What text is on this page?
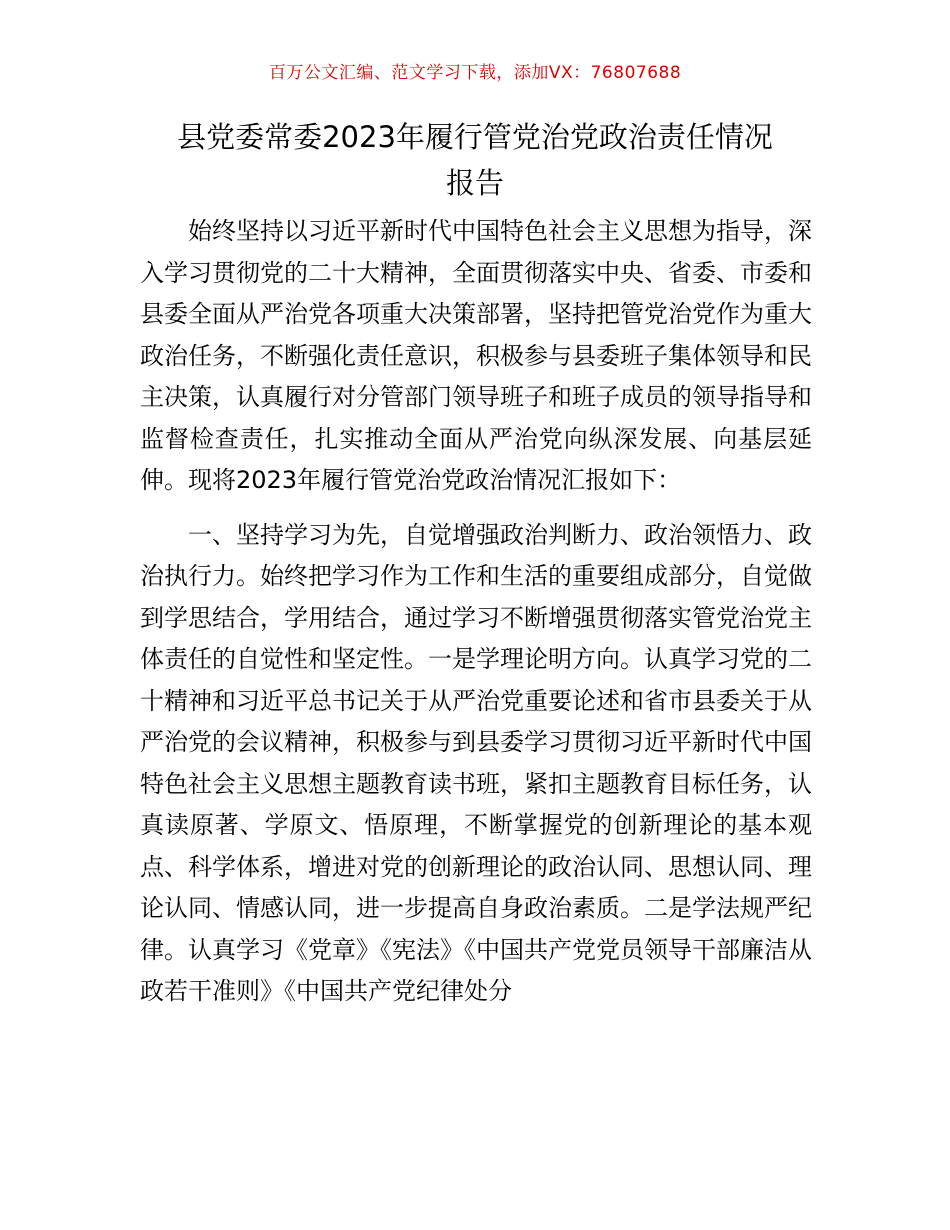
百万公文汇编、范文学习下载，添加VX：76807688
县党委常委2023年履行管党治党政治责任情况
报告

始终坚持以习近平新时代中国特色社会主义思想为指导，深入学习贯彻党的二十大精神，全面贯彻落实中央、省委、市委和县委全面从严治党各项重大决策部署，坚持把管党治党作为重大政治任务，不断强化责任意识，积极参与县委班子集体领导和民主决策，认真履行对分管部门领导班子和班子成员的领导指导和监督检查责任，扎实推动全面从严治党向纵深发展、向基层延伸。现将2023年履行管党治党政治情况汇报如下：

一、坚持学习为先，自觉增强政治判断力、政治领悟力、政治执行力。始终把学习作为工作和生活的重要组成部分，自觉做到学思结合，学用结合，通过学习不断增强贯彻落实管党治党主体责任的自觉性和坚定性。一是学理论明方向。认真学习党的二十精神和习近平总书记关于从严治党重要论述和省市县委关于从严治党的会议精神，积极参与到县委学习贯彻习近平新时代中国特色社会主义思想主题教育读书班，紧扣主题教育目标任务，认真读原著、学原文、悟原理，不断掌握党的创新理论的基本观点、科学体系，增进对党的创新理论的政治认同、思想认同、理论认同、情感认同，进一步提高自身政治素质。二是学法规严纪律。认真学习《党章》《宪法》《中国共产党党员领导干部廉洁从政若干准则》《中国共产党纪律处分
